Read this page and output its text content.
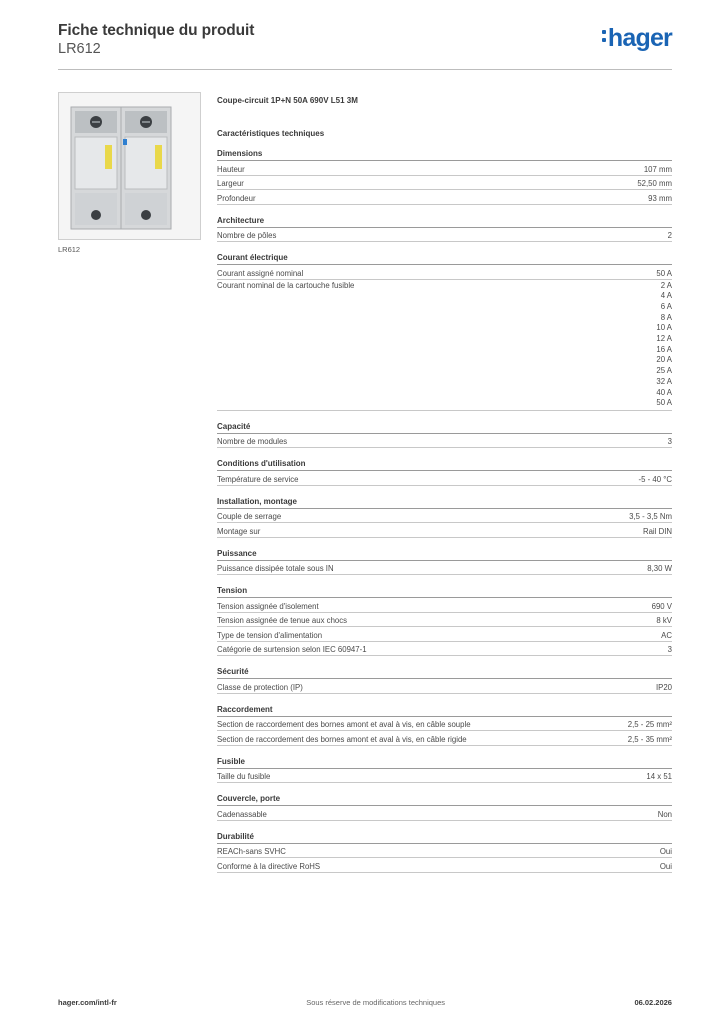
Fiche technique du produit
LR612	hager
LR612
Coupe-circuit 1P+N 50A 690V L51 3M
Caractéristiques techniques
Dimensions
Hauteur	107 mm
Largeur	52,50 mm
Profondeur	93 mm
Architecture
Nombre de pôles	2
Courant électrique
Courant assigné nominal	50 A
Courant nominal de la cartouche fusible	2 A
4 A
6 A
8 A
10 A
12 A
16 A
20 A
25 A
32 A
40 A
50 A
Capacité
Nombre de modules	3
Conditions d'utilisation
Température de service	-5 - 40 °C
Installation, montage
Couple de serrage	3,5 - 3,5 Nm
Montage sur	Rail DIN
Puissance
Puissance dissipée totale sous IN	8,30 W
Tension
Tension assignée d'isolement	690 V
Tension assignée de tenue aux chocs	8 kV
Type de tension d'alimentation	AC
Catégorie de surtension selon IEC 60947-1	3
Sécurité
Classe de protection (IP)	IP20
Raccordement
Section de raccordement des bornes amont et aval à vis, en câble souple	2,5 - 25 mm²
Section de raccordement des bornes amont et aval à vis, en câble rigide	2,5 - 35 mm²
Fusible
Taille du fusible	14 x 51
Couvercle, porte
Cadenassable	Non
Durabilité
REACh-sans SVHC	Oui
Conforme à la directive RoHS	Oui
hager.com/intl-fr	Sous réserve de modifications techniques	06.02.2026
